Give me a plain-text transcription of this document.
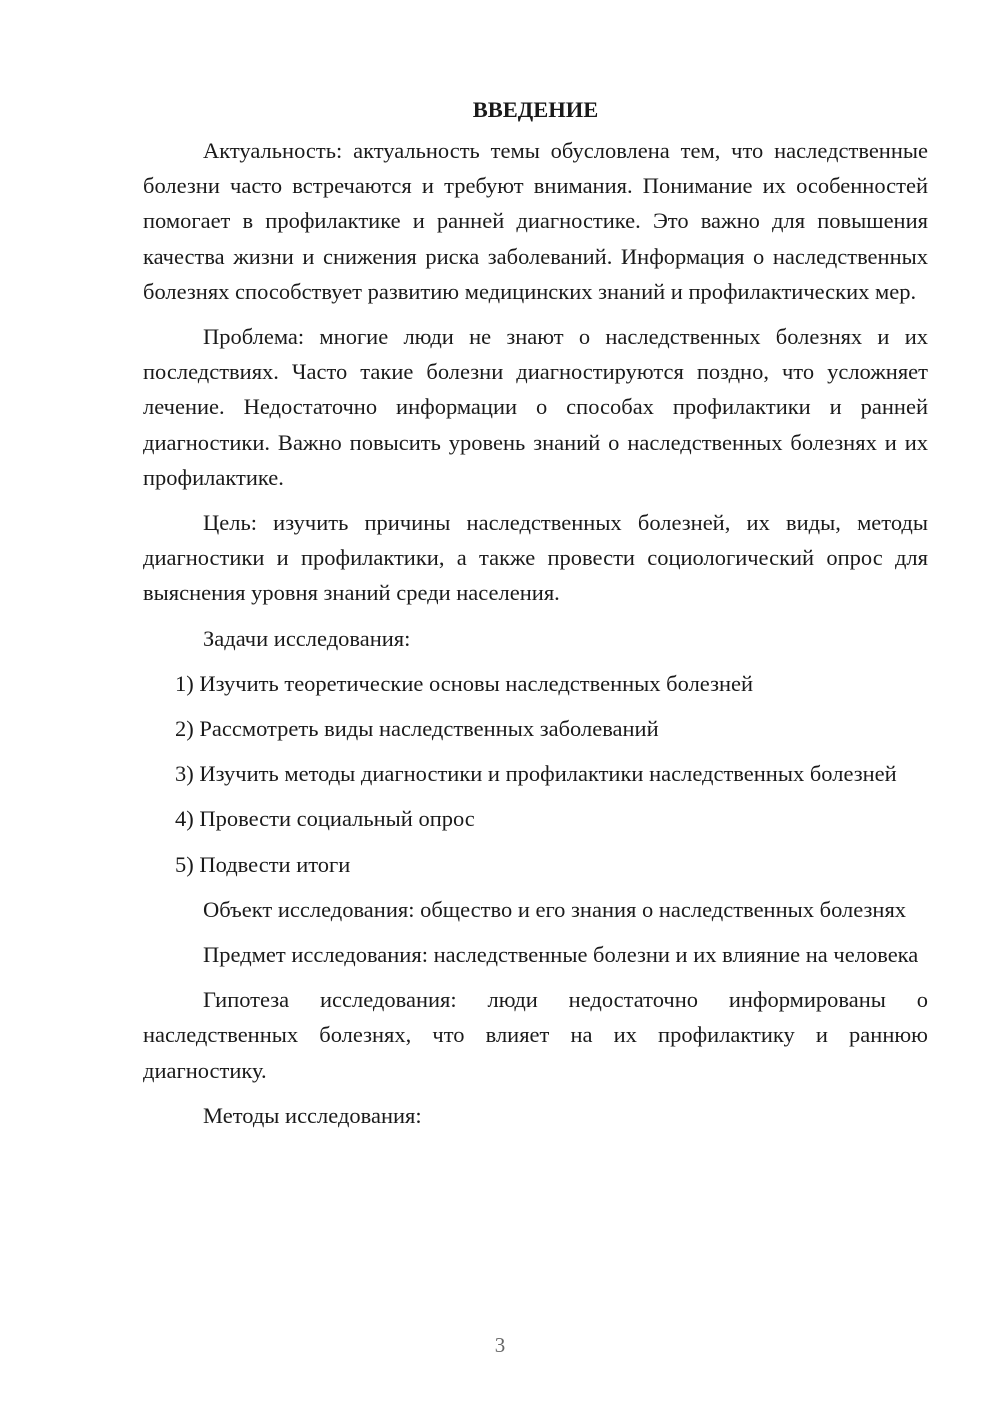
ВВЕДЕНИЕ

Актуальность: актуальность темы обусловлена тем, что наследственные болезни часто встречаются и требуют внимания. Понимание их особенностей помогает в профилактике и ранней диагностике. Это важно для повышения качества жизни и снижения риска заболеваний. Информация о наследственных болезнях способствует развитию медицинских знаний и профилактических мер.

Проблема: многие люди не знают о наследственных болезнях и их последствиях. Часто такие болезни диагностируются поздно, что усложняет лечение. Недостаточно информации о способах профилактики и ранней диагностики. Важно повысить уровень знаний о наследственных болезнях и их профилактике.

Цель: изучить причины наследственных болезней, их виды, методы диагностики и профилактики, а также провести социологический опрос для выяснения уровня знаний среди населения.

Задачи исследования:

1) Изучить теоретические основы наследственных болезней

2) Рассмотреть виды наследственных заболеваний

3) Изучить методы диагностики и профилактики наследственных болезней

4) Провести социальный опрос

5) Подвести итоги

Объект исследования: общество и его знания о наследственных болезнях

Предмет исследования: наследственные болезни и их влияние на человека

Гипотеза исследования: люди недостаточно информированы о наследственных болезнях, что влияет на их профилактику и раннюю диагностику.

Методы исследования:

3
